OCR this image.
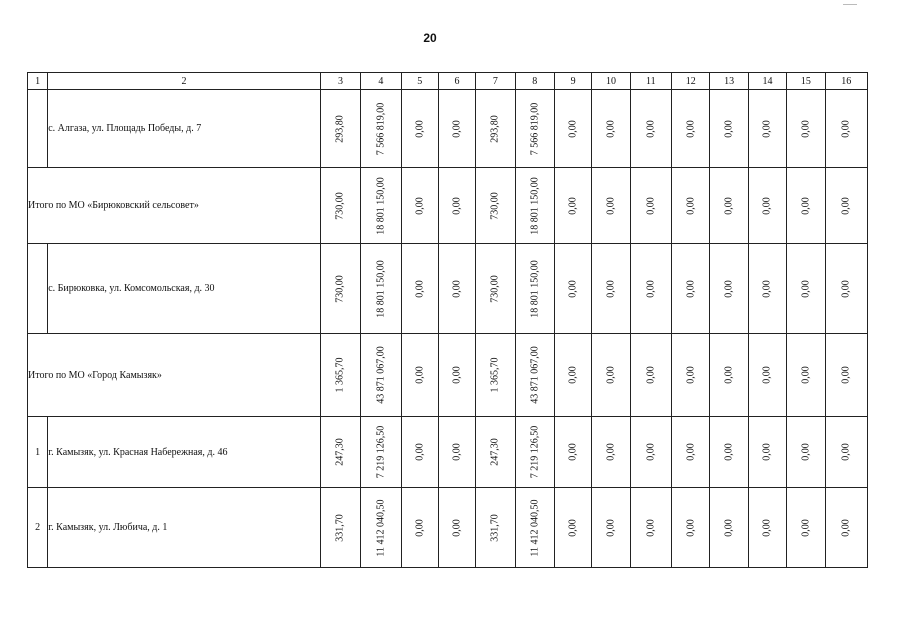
20
1	2	3	4	5	6	7	8	9	10	11	12	13	14	15	16
	с. Алгаза, ул. Площадь Победы, д. 7	293,80	7 566 819,00	0,00	0,00	293,80	7 566 819,00	0,00	0,00	0,00	0,00	0,00	0,00	0,00	0,00

Итого по МО «Бирюковский сельсовет»		730,00	18 801 150,00	0,00	0,00	730,00	18 801 150,00	0,00	0,00	0,00	0,00	0,00	0,00	0,00	0,00

	с. Бирюковка, ул. Комсомольская, д. 30	730,00	18 801 150,00	0,00	0,00	730,00	18 801 150,00	0,00	0,00	0,00	0,00	0,00	0,00	0,00	0,00

Итого по МО «Город Камызяк»		1 365,70	43 871 067,00	0,00	0,00	1 365,70	43 871 067,00	0,00	0,00	0,00	0,00	0,00	0,00	0,00	0,00

1	г. Камызяк, ул. Красная Набережная, д. 46	247,30	7 219 126,50	0,00	0,00	247,30	7 219 126,50	0,00	0,00	0,00	0,00	0,00	0,00	0,00	0,00

2	г. Камызяк, ул. Любича, д. 1	331,70	11 412 040,50	0,00	0,00	331,70	11 412 040,50	0,00	0,00	0,00	0,00	0,00	0,00	0,00	0,00
